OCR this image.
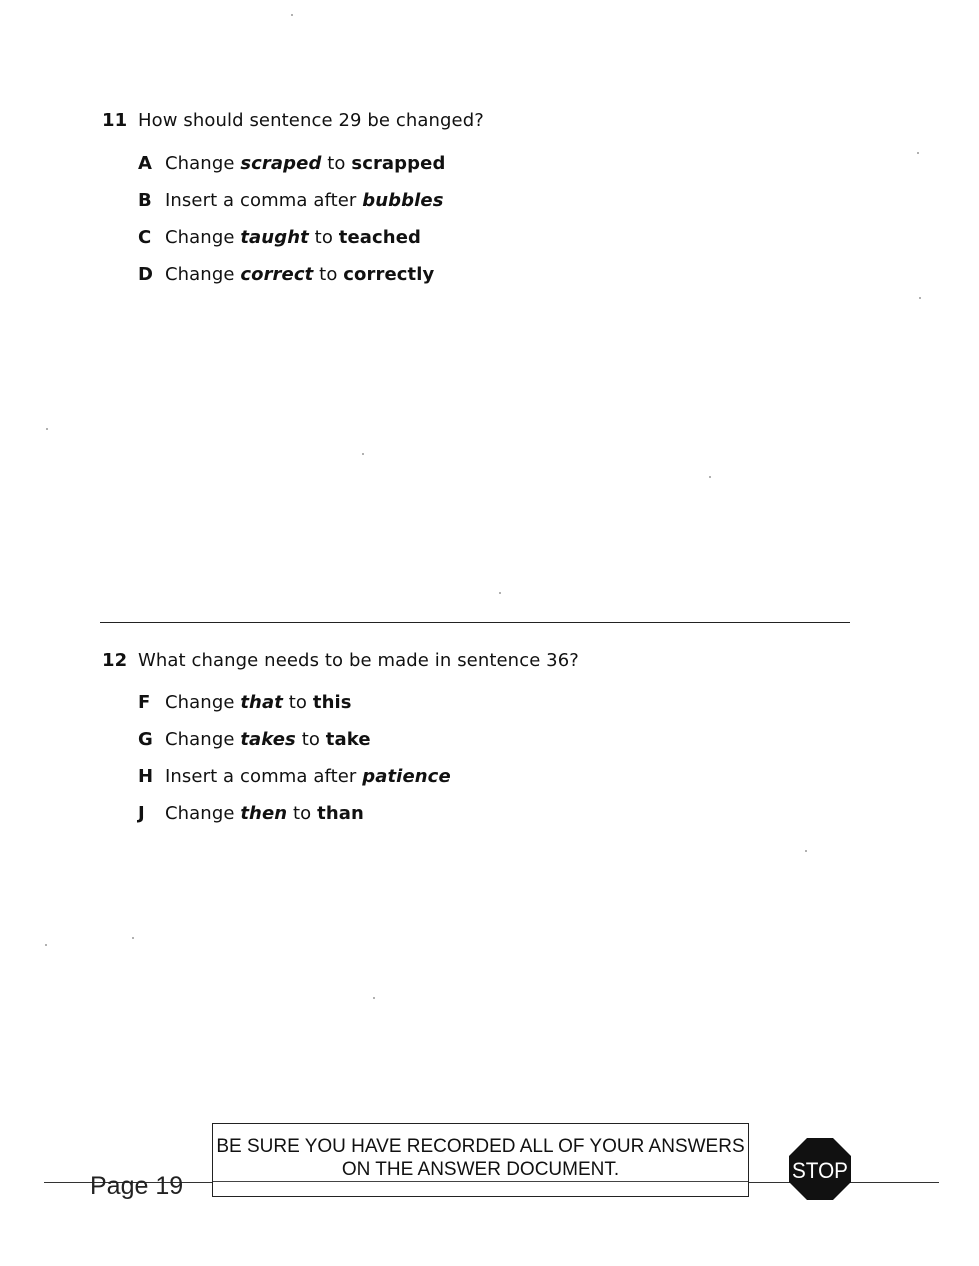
11 How should sentence 29 be changed?
A Change scraped to scrapped
B Insert a comma after bubbles
C Change taught to teached
D Change correct to correctly
12 What change needs to be made in sentence 36?
F Change that to this
G Change takes to take
H Insert a comma after patience
J Change then to than
Page 19
BE SURE YOU HAVE RECORDED ALL OF YOUR ANSWERS
ON THE ANSWER DOCUMENT.	STOP
